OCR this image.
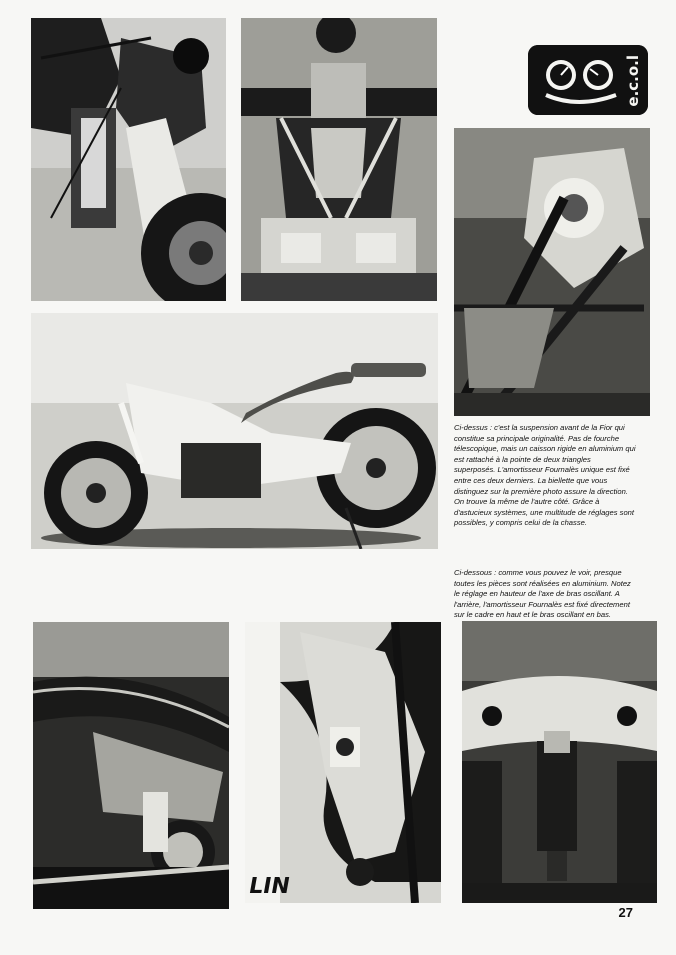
e.c.o.l

Ci-dessus : c'est la suspension avant de la Fior qui
constitue sa principale originalité. Pas de fourche
télescopique, mais un caisson rigide en aluminium qui
est rattaché à la pointe de deux triangles
superposés. L'amortisseur Fournalès unique est fixé
entre ces deux derniers. La biellette que vous
distinguez sur la première photo assure la direction.
On trouve la même de l'autre côté. Grâce à
d'astucieux systèmes, une multitude de réglages sont
possibles, y compris celui de la chasse.

Ci-dessous : comme vous pouvez le voir, presque
toutes les pièces sont réalisées en aluminium. Notez
le réglage en hauteur de l'axe de bras oscillant. A
l'arrière, l'amortisseur Fournalès est fixé directement
sur le cadre en haut et le bras oscillant en bas.

LIN
27
